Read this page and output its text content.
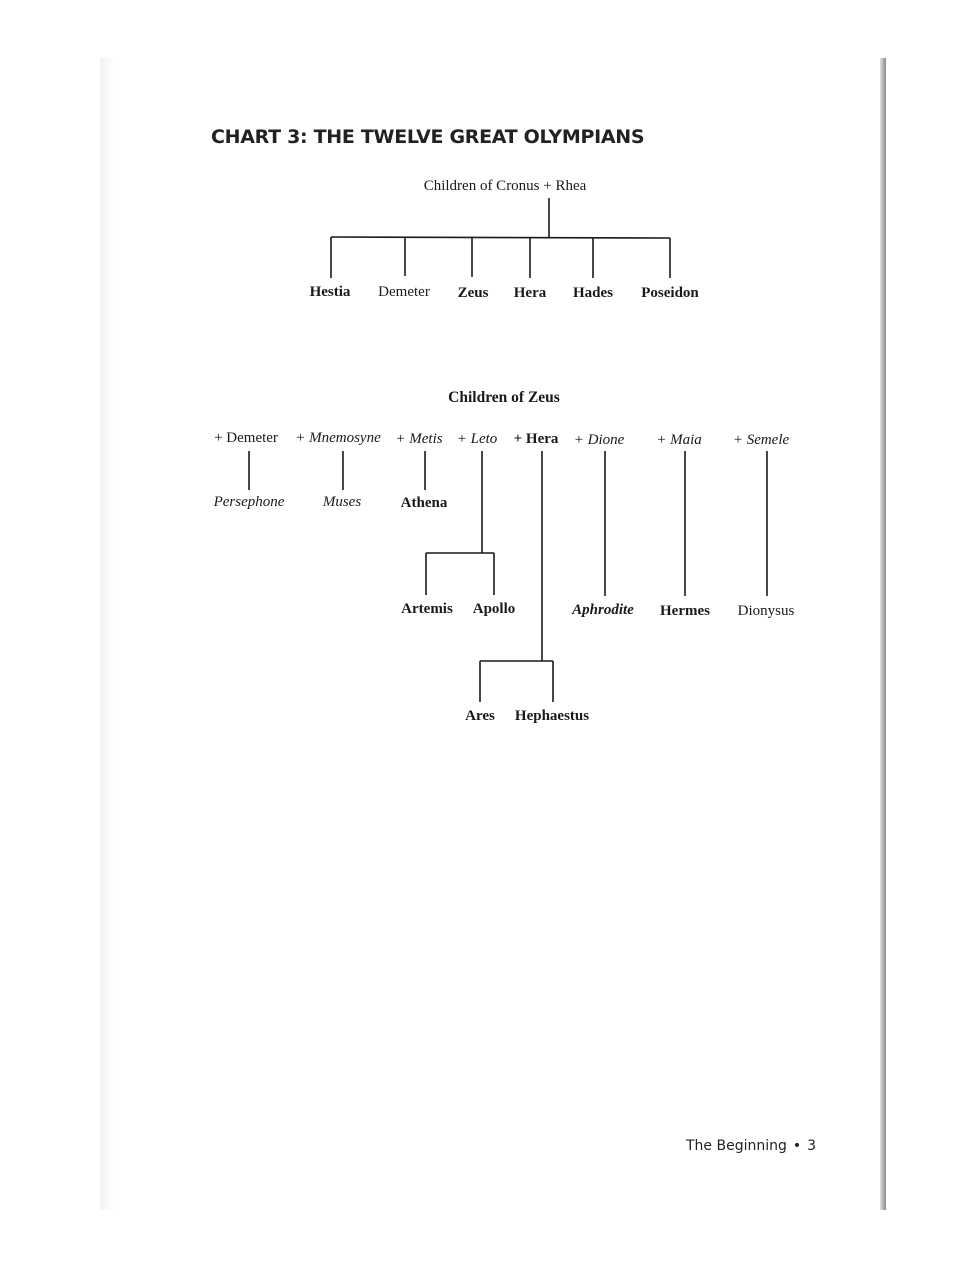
CHART 3: THE TWELVE GREAT OLYMPIANS
Children of Cronus + Rhea
Hestia Demeter Zeus Hera Hades Poseidon
Children of Zeus
+ Demeter + Mnemosyne + Metis + Leto + Hera + Dione + Maia + Semele
Persephone	Muses	Athena
Artemis Apollo	Aphrodite Hermes Dionysus
Ares Hephaestus
The Beginning • 3
